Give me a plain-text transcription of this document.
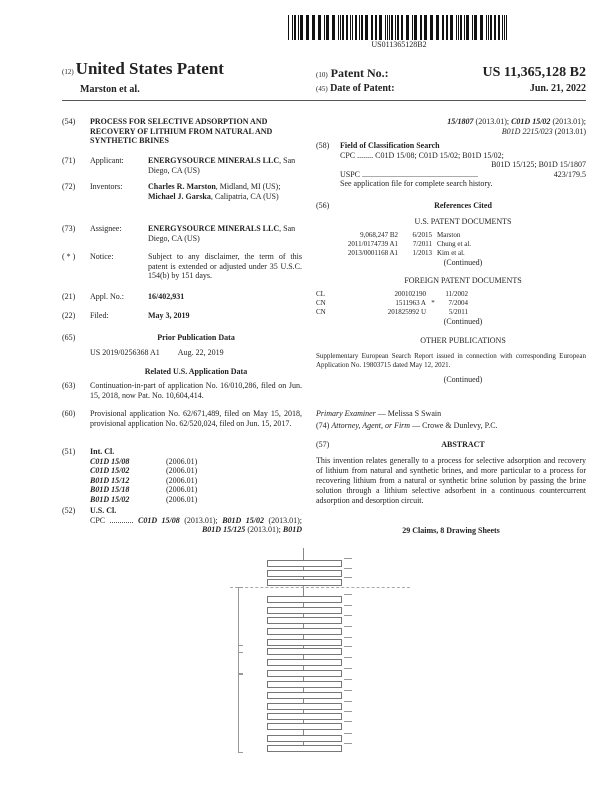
US011365128B2
(12) United States Patent
Marston et al.
(10) Patent No.:	US 11,365,128 B2
(45) Date of Patent:	Jun. 21, 2022
(54) PROCESS FOR SELECTIVE ADSORPTION AND RECOVERY OF LITHIUM FROM NATURAL AND SYNTHETIC BRINES
(71) Applicant:	ENERGYSOURCE MINERALS LLC, San Diego, CA (US)
(72) Inventors:	Charles R. Marston, Midland, MI (US); Michael J. Garska, Calipatria, CA (US)
(73) Assignee:	ENERGYSOURCE MINERALS LLC, San Diego, CA (US)
( * ) Notice:	Subject to any disclaimer, the term of this patent is extended or adjusted under 35 U.S.C. 154(b) by 151 days.
(21) Appl. No.:	16/402,931
(22) Filed:	May 3, 2019
(65)	Prior Publication Data
US 2019/0256368 A1 Aug. 22, 2019
Related U.S. Application Data
(63) Continuation-in-part of application No. 16/010,286, filed on Jun. 15, 2018, now Pat. No. 10,604,414.
(60) Provisional application No. 62/671,489, filed on May 15, 2018, provisional application No. 62/520,024, filed on Jun. 15, 2017.
(51) Int. Cl.
C01D 15/08	(2006.01)
C01D 15/02	(2006.01)
B01D 15/12	(2006.01)
B01D 15/18	(2006.01)
B01D 15/02	(2006.01)
(52) U.S. Cl.
CPC ............ C01D 15/08 (2013.01); B01D 15/02 (2013.01); B01D 15/125 (2013.01); B01D
15/1807 (2013.01); C01D 15/02 (2013.01);
B01D 2215/023 (2013.01)
(58) Field of Classification Search
CPC ........ C01D 15/08; C01D 15/02; B01D 15/02;
B01D 15/125; B01D 15/1807
USPC ..........................................................	423/179.5
See application file for complete search history.
(56)	References Cited
U.S. PATENT DOCUMENTS
9,068,247 B2	6/2015 Marston
2011/0174739 A1	7/2011 Chung et al.
2013/0001168 A1	1/2013 Kim et al.
(Continued)
FOREIGN PATENT DOCUMENTS
CL	200102190	11/2002
CN	1511963 A *	7/2004
CN	201825992 U	5/2011
(Continued)
OTHER PUBLICATIONS
Supplementary European Search Report issued in connection with corresponding European Application No. 19803715 dated May 12, 2021.
(Continued)
Primary Examiner — Melissa S Swain
(74) Attorney, Agent, or Firm — Crowe & Dunlevy, P.C.
(57)	ABSTRACT
This invention relates generally to a process for selective adsorption and recovery of lithium from natural and synthetic brines, and more particular to a process for recovering lithium from a natural or synthetic brine solution by passing the brine solution through a lithium selective adsorbent in a continuous countercurrent adsorption and desorption circuit.
29 Claims, 8 Drawing Sheets
